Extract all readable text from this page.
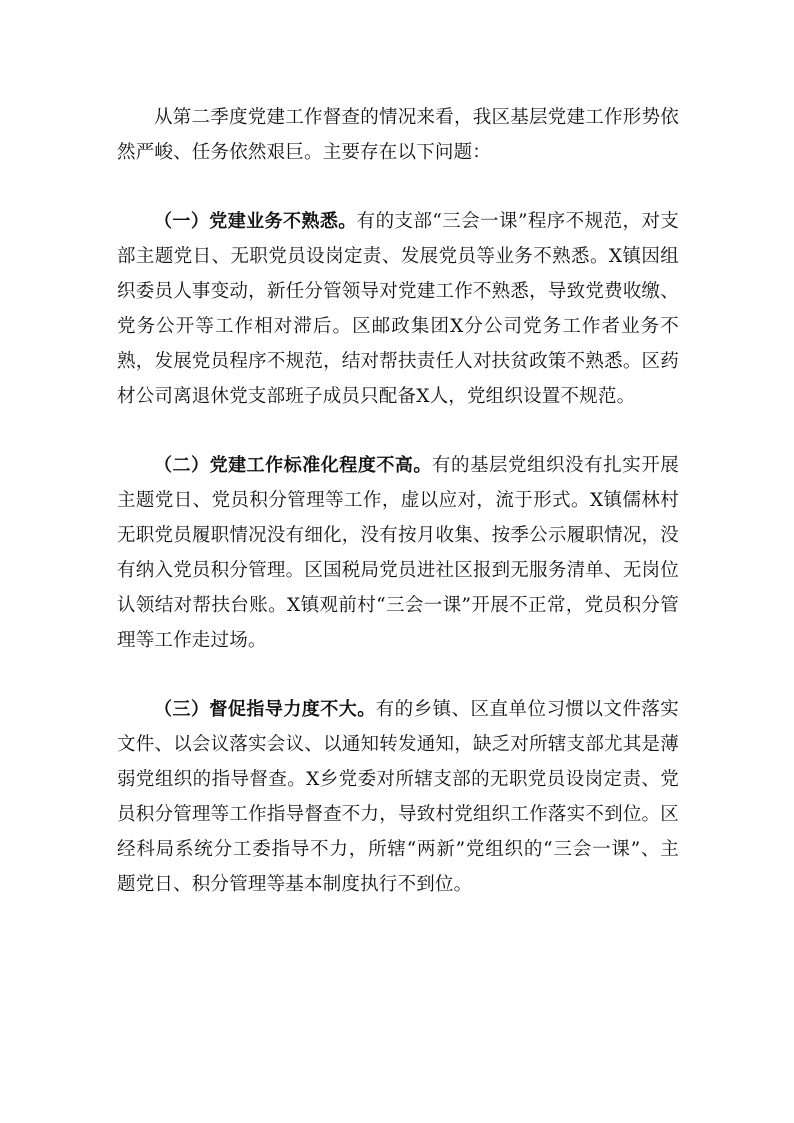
从第二季度党建工作督查的情况来看，我区基层党建工作形势依然严峻、任务依然艰巨。主要存在以下问题：

（一）党建业务不熟悉。有的支部“三会一课”程序不规范，对支部主题党日、无职党员设岗定责、发展党员等业务不熟悉。X镇因组织委员人事变动，新任分管领导对党建工作不熟悉，导致党费收缴、党务公开等工作相对滞后。区邮政集团X分公司党务工作者业务不熟，发展党员程序不规范，结对帮扶责任人对扶贫政策不熟悉。区药材公司离退休党支部班子成员只配备X人，党组织设置不规范。

（二）党建工作标准化程度不高。有的基层党组织没有扎实开展主题党日、党员积分管理等工作，虚以应对，流于形式。X镇儒林村无职党员履职情况没有细化，没有按月收集、按季公示履职情况，没有纳入党员积分管理。区国税局党员进社区报到无服务清单、无岗位认领结对帮扶台账。X镇观前村“三会一课”开展不正常，党员积分管理等工作走过场。

（三）督促指导力度不大。有的乡镇、区直单位习惯以文件落实文件、以会议落实会议、以通知转发通知，缺乏对所辖支部尤其是薄弱党组织的指导督查。X乡党委对所辖支部的无职党员设岗定责、党员积分管理等工作指导督查不力，导致村党组织工作落实不到位。区经科局系统分工委指导不力，所辖“两新”党组织的“三会一课”、主题党日、积分管理等基本制度执行不到位。
